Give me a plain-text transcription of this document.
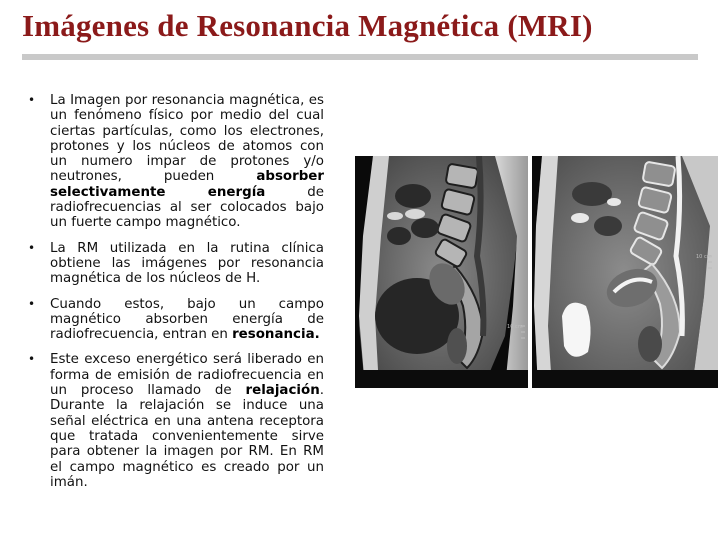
Imágenes de Resonancia Magnética (MRI)
• La Imagen por resonancia magnética, es un fenómeno físico por medio del cual ciertas partículas, como los electrones, protones y los núcleos de atomos con un numero impar de protones y/o neutrones, pueden absorber selectivamente energía de radiofrecuencias al ser colocados bajo un fuerte campo magnético.
• La RM utilizada en la rutina clínica obtiene las imágenes por resonancia magnética de los núcleos de H.
• Cuando estos, bajo un campo magnético absorben energía de radiofrecuencia, entran en resonancia.
• Este exceso energético será liberado en forma de emisión de radiofrecuencia en un proceso llamado de relajación. Durante la relajación se induce una señal eléctrica en una antena receptora que tratada convenientemente sirve para obtener la imagen por RM. En RM el campo magnético es creado por un imán.
10 cm
10 cm
